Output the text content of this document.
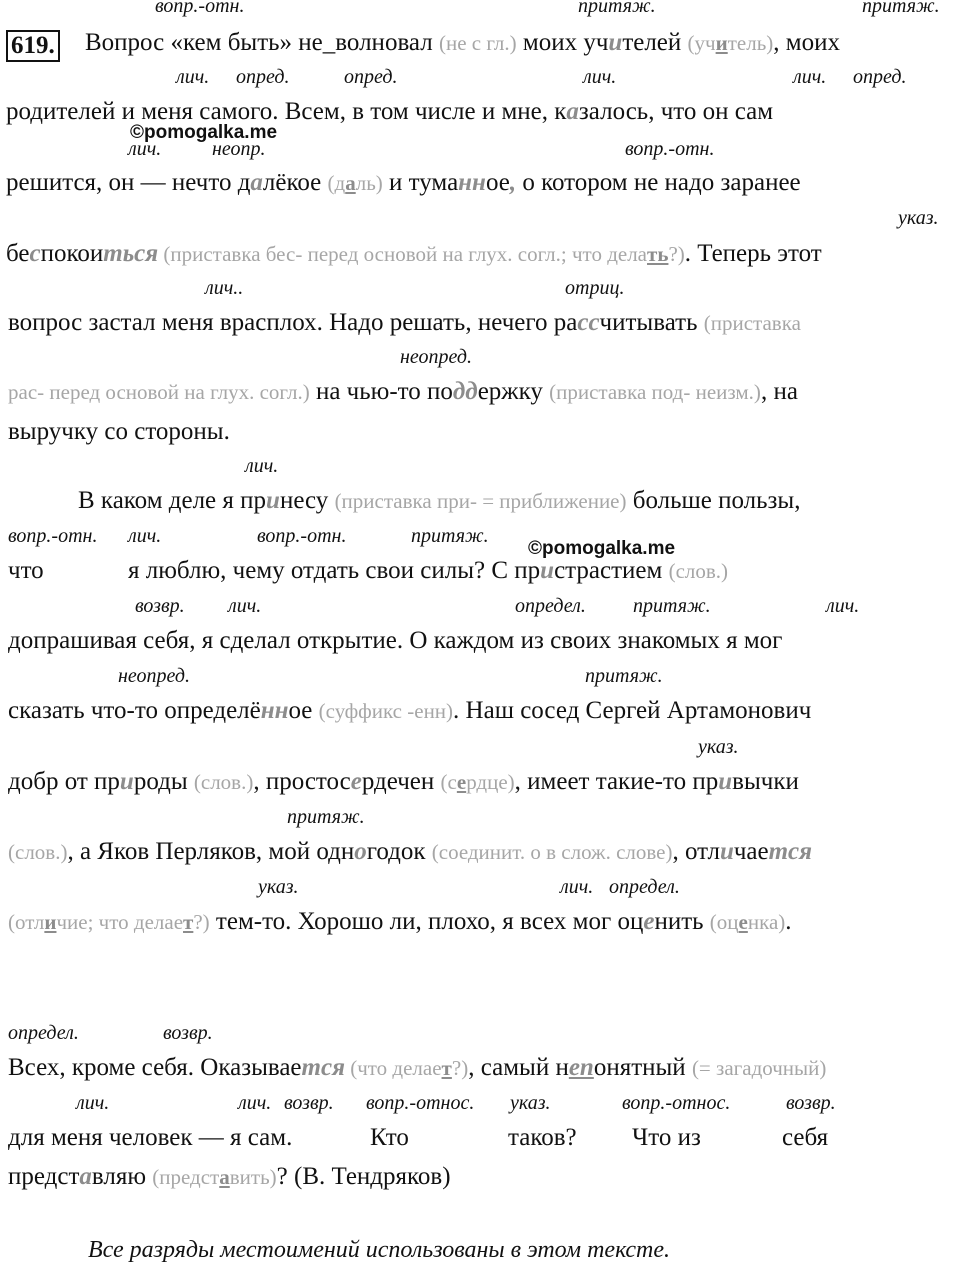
619.
©pomogalka.me
©pomogalka.me
вопр.-отн.	притяж.	притяж.
лич. опред.	опред.	лич.	лич. опред.
лич.	неопр.	вопр.-отн.
указ.
лич..	отриц.
неопред.
лич.
вопр.-отн. лич.	вопр.-отн.	притяж.
возвр. лич.	определ. притяж.	лич.
неопред.	притяж.
указ.
притяж.
указ.	лич. определ.
определ.	возвр.
лич.	лич. возвр. вопр.-относ. указ.	вопр.-относ.	возвр.
Вопрос «кем быть» не_волновал (не с гл.) моих учителей (учитель), моих
родителей и меня самого. Всем, в том числе и мне, казалось, что он сам
решится, он — нечто далёкое (даль) и туманное, о котором не надо заранее
беспокоиться (приставка бес- перед основой на глух. согл.; что делать?). Теперь этот
вопрос застал меня врасплох. Надо решать, нечего рассчитывать (приставка
рас- перед основой на глух. согл.) на чью-то поддержку (приставка под- неизм.), на
выручку со стороны.
В каком деле я принесу (приставка при- = приближение) больше пользы,
что	я люблю, чему отдать свои силы? С пристрастием (слов.)
допрашивая себя, я сделал открытие. О каждом из своих знакомых я мог
сказать что-то определённое (суффикс -енн). Наш сосед Сергей Артамонович
добр от природы (слов.), простосердечен (сердце), имеет такие-то привычки
(слов.), а Яков Перляков, мой одногодок (соединит. о в слож. слове), отличается
(отличие; что делает?) тем-то. Хорошо ли, плохо, я всех мог оценить (оценка).
Всех, кроме себя. Оказывается (что делает?), самый непонятный (= загадочный)
для меня человек — я сам.	Кто	таков? Что из	себя
представляю (представить)? (В. Тендряков)
Все разряды местоимений использованы в этом тексте.
